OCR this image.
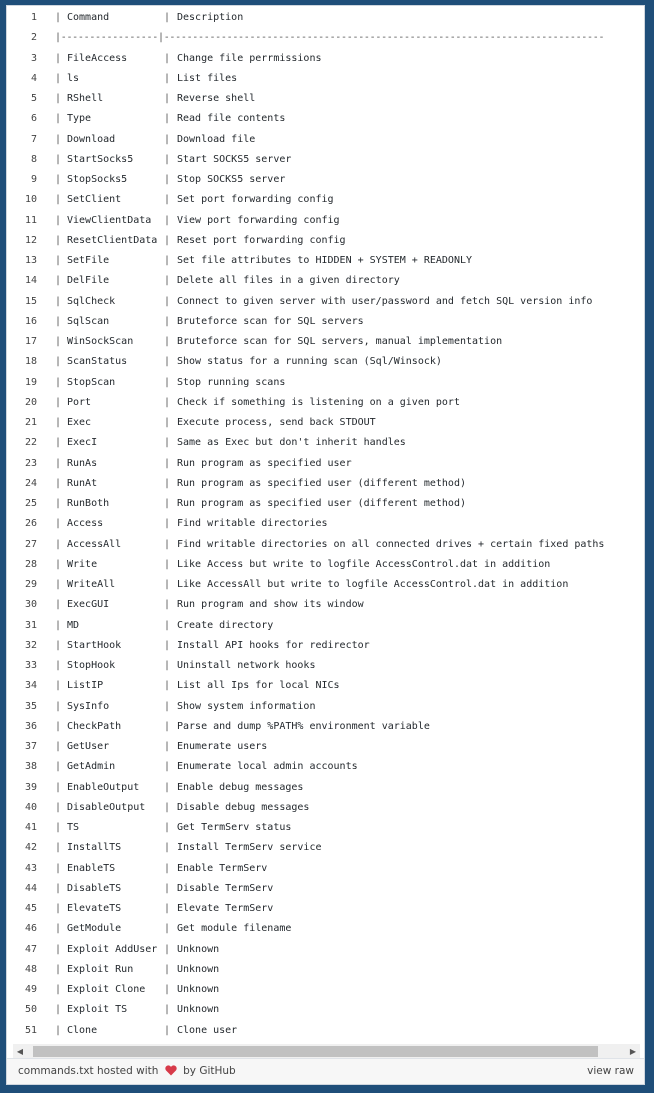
1 | Command	| Description
2 |-----------------|-----------------------------------------------------------------------------
3 | FileAccess	| Change file perrmissions
4 | ls	| List files
5 | RShell	| Reverse shell
6 | Type	| Read file contents
7 | Download	| Download file
8 | StartSocks5	| Start SOCKS5 server
9 | StopSocks5	| Stop SOCKS5 server
10 | SetClient	| Set port forwarding config
11 | ViewClientData | View port forwarding config
12 | ResetClientData | Reset port forwarding config
13 | SetFile	| Set file attributes to HIDDEN + SYSTEM + READONLY
14 | DelFile	| Delete all files in a given directory
15 | SqlCheck	| Connect to given server with user/password and fetch SQL version info
16 | SqlScan	| Bruteforce scan for SQL servers
17 | WinSockScan	| Bruteforce scan for SQL servers, manual implementation
18 | ScanStatus	| Show status for a running scan (Sql/Winsock)
19 | StopScan	| Stop running scans
20 | Port	| Check if something is listening on a given port
21 | Exec	| Execute process, send back STDOUT
22 | ExecI	| Same as Exec but don't inherit handles
23 | RunAs	| Run program as specified user
24 | RunAt	| Run program as specified user (different method)
25 | RunBoth	| Run program as specified user (different method)
26 | Access	| Find writable directories
27 | AccessAll	| Find writable directories on all connected drives + certain fixed paths
28 | Write	| Like Access but write to logfile AccessControl.dat in addition
29 | WriteAll	| Like AccessAll but write to logfile AccessControl.dat in addition
30 | ExecGUI	| Run program and show its window
31 | MD	| Create directory
32 | StartHook	| Install API hooks for redirector
33 | StopHook	| Uninstall network hooks
34 | ListIP	| List all Ips for local NICs
35 | SysInfo	| Show system information
36 | CheckPath	| Parse and dump %PATH% environment variable
37 | GetUser	| Enumerate users
38 | GetAdmin	| Enumerate local admin accounts
39 | EnableOutput | Enable debug messages
40 | DisableOutput | Disable debug messages
41 | TS	| Get TermServ status
42 | InstallTS	| Install TermServ service
43 | EnableTS	| Enable TermServ
44 | DisableTS	| Disable TermServ
45 | ElevateTS	| Elevate TermServ
46 | GetModule	| Get module filename
47 | Exploit AddUser | Unknown
48 | Exploit Run	| Unknown
49 | Exploit Clone | Unknown
50 | Exploit TS	| Unknown
51 | Clone	| Clone user
◀	▶
commands.txt hosted with by GitHub	view raw
